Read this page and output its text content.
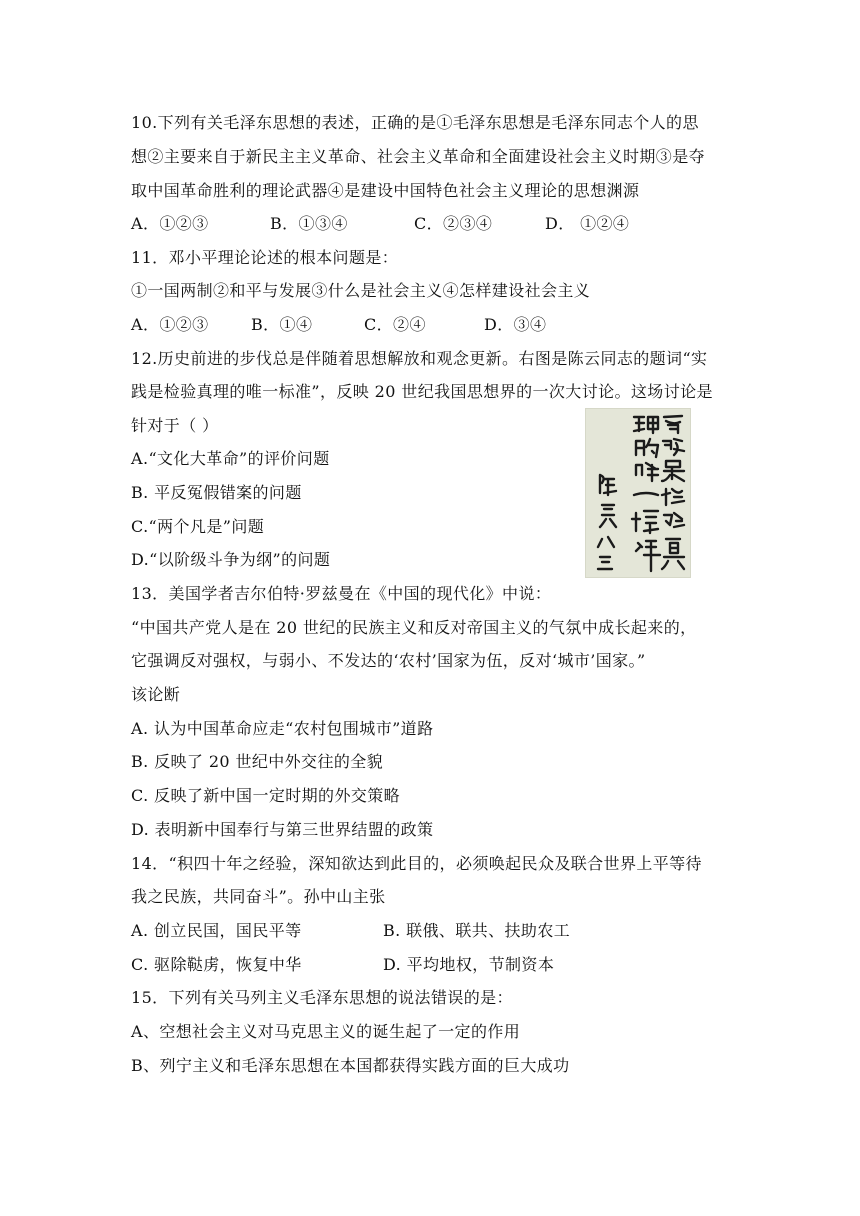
10.下列有关毛泽东思想的表述，正确的是①毛泽东思想是毛泽东同志个人的思
想②主要来自于新民主主义革命、社会主义革命和全面建设社会主义时期③是夺
取中国革命胜利的理论武器④是建设中国特色社会主义理论的思想渊源
A．①②③	B．①③④	C．②③④	D． ①②④
11．邓小平理论论述的根本问题是：
①一国两制②和平与发展③什么是社会主义④怎样建设社会主义
A．①②③	B．①④	C．②④	D．③④
12.历史前进的步伐总是伴随着思想解放和观念更新。右图是陈云同志的题词“实
践是检验真理的唯一标准”，反映 20 世纪我国思想界的一次大讨论。这场讨论是
针对于（ ）
A.“文化大革命”的评价问题
B. 平反冤假错案的问题
C.“两个凡是”问题
D.“以阶级斗争为纲”的问题
13．美国学者吉尔伯特·罗兹曼在《中国的现代化》中说：
“中国共产党人是在 20 世纪的民族主义和反对帝国主义的气氛中成长起来的，
它强调反对强权，与弱小、不发达的‘农村’国家为伍，反对‘城市’国家。”
该论断
A. 认为中国革命应走“农村包围城市”道路
B. 反映了 20 世纪中外交往的全貌
C. 反映了新中国一定时期的外交策略
D. 表明新中国奉行与第三世界结盟的政策
14．“积四十年之经验，深知欲达到此目的，必须唤起民众及联合世界上平等待
我之民族，共同奋斗”。孙中山主张
A. 创立民国，国民平等	B. 联俄、联共、扶助农工
C. 驱除鞑虏，恢复中华	D. 平均地权，节制资本
15．下列有关马列主义毛泽东思想的说法错误的是：
A、空想社会主义对马克思主义的诞生起了一定的作用
B、列宁主义和毛泽东思想在本国都获得实践方面的巨大成功
